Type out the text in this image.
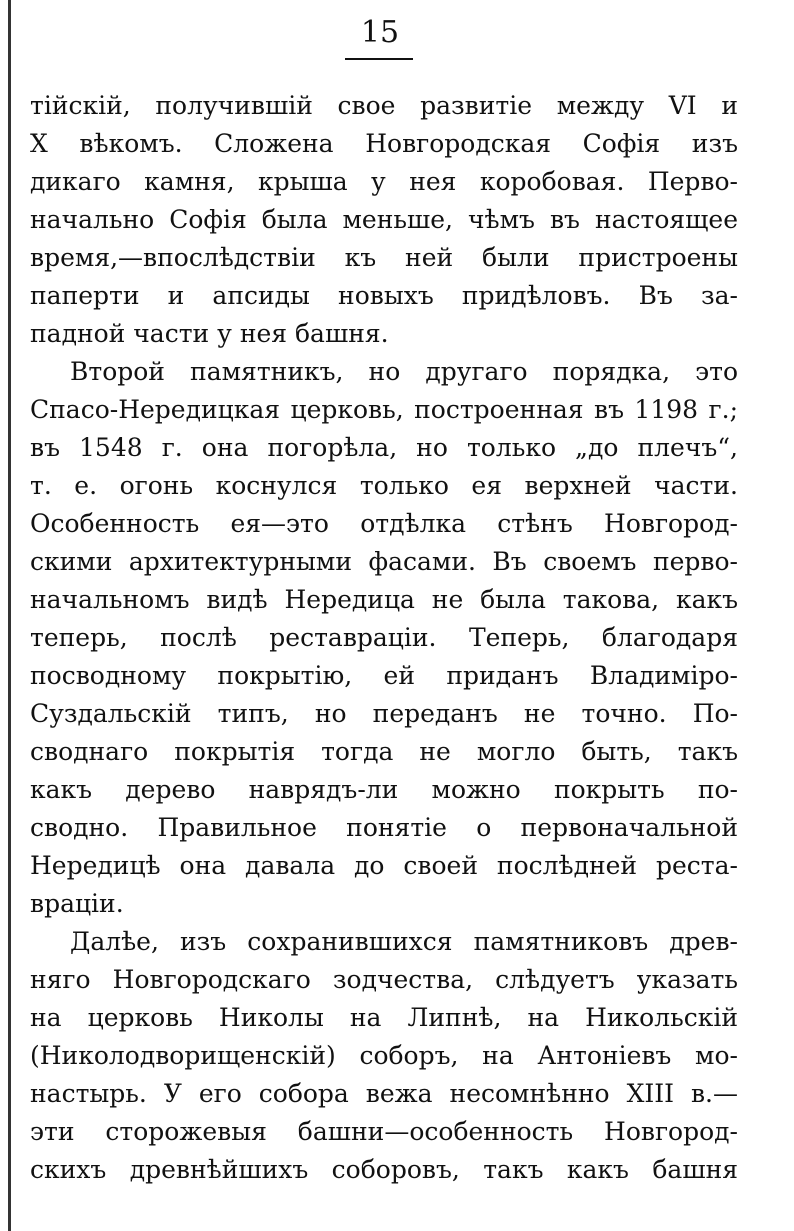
15
тійскій, получившій свое развитіе между VI и
X вѣкомъ. Сложена Новгородская Софія изъ
дикаго камня, крыша у нея коробовая. Перво-
начально Софія была меньше, чѣмъ въ настоящее
время,—впослѣдствіи къ ней были пристроены
паперти и апсиды новыхъ придѣловъ. Въ за-
падной части у нея башня.
Второй памятникъ, но другаго порядка, это
Спасо-Нередицкая церковь, построенная въ 1198 г.;
въ 1548 г. она погорѣла, но только „до плечъ“,
т. е. огонь коснулся только ея верхней части.
Особенность ея—это отдѣлка стѣнъ Новгород-
скими архитектурными фасами. Въ своемъ перво-
начальномъ видѣ Нередица не была такова, какъ
теперь, послѣ реставраціи. Теперь, благодаря
посводному покрытію, ей приданъ Владиміро-
Суздальскій типъ, но переданъ не точно. По-
своднаго покрытія тогда не могло быть, такъ
какъ дерево наврядъ-ли можно покрыть по-
сводно. Правильное понятіе о первоначальной
Нередицѣ она давала до своей послѣдней реста-
враціи.
Далѣе, изъ сохранившихся памятниковъ древ-
няго Новгородскаго зодчества, слѣдуетъ указать
на церковь Николы на Липнѣ, на Никольскій
(Николодворищенскій) соборъ, на Антоніевъ мо-
настырь. У его собора вежа несомнѣнно XIII в.—
эти сторожевыя башни—особенность Новгород-
скихъ древнѣйшихъ соборовъ, такъ какъ башня
